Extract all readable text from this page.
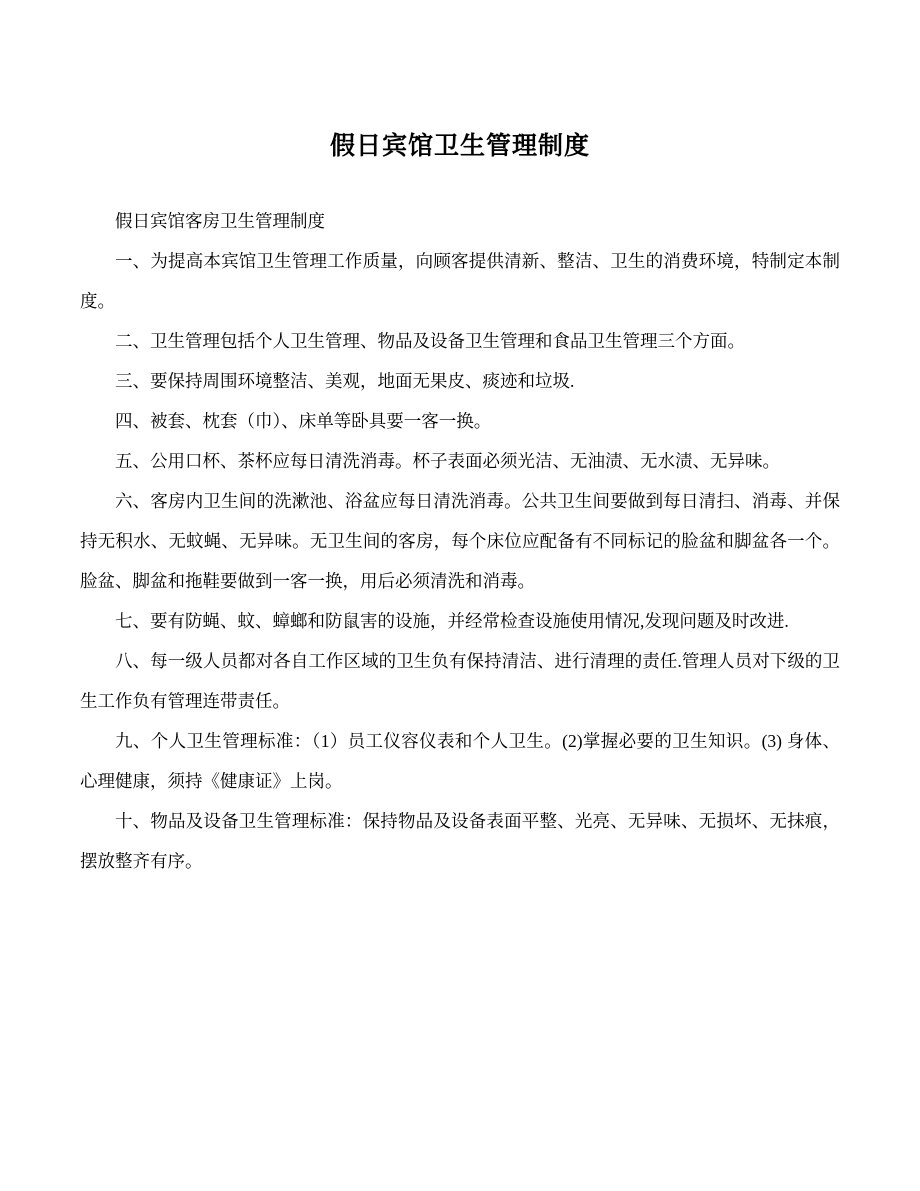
假日宾馆卫生管理制度

假日宾馆客房卫生管理制度

一、为提高本宾馆卫生管理工作质量，向顾客提供清新、整洁、卫生的消费环境，特制定本制度。

二、卫生管理包括个人卫生管理、物品及设备卫生管理和食品卫生管理三个方面。

三、要保持周围环境整洁、美观，地面无果皮、痰迹和垃圾.

四、被套、枕套（巾）、床单等卧具要一客一换。

五、公用口杯、茶杯应每日清洗消毒。杯子表面必须光洁、无油渍、无水渍、无异味。

六、客房内卫生间的洗漱池、浴盆应每日清洗消毒。公共卫生间要做到每日清扫、消毒、并保持无积水、无蚊蝇、无异味。无卫生间的客房，每个床位应配备有不同标记的脸盆和脚盆各一个。脸盆、脚盆和拖鞋要做到一客一换，用后必须清洗和消毒。

七、要有防蝇、蚊、蟑螂和防鼠害的设施，并经常检查设施使用情况,发现问题及时改进.

八、每一级人员都对各自工作区域的卫生负有保持清洁、进行清理的责任.管理人员对下级的卫生工作负有管理连带责任。

九、个人卫生管理标准：（1）员工仪容仪表和个人卫生。(2)掌握必要的卫生知识。(3) 身体、心理健康，须持《健康证》上岗。

十、物品及设备卫生管理标准：保持物品及设备表面平整、光亮、无异味、无损坏、无抹痕，摆放整齐有序。
